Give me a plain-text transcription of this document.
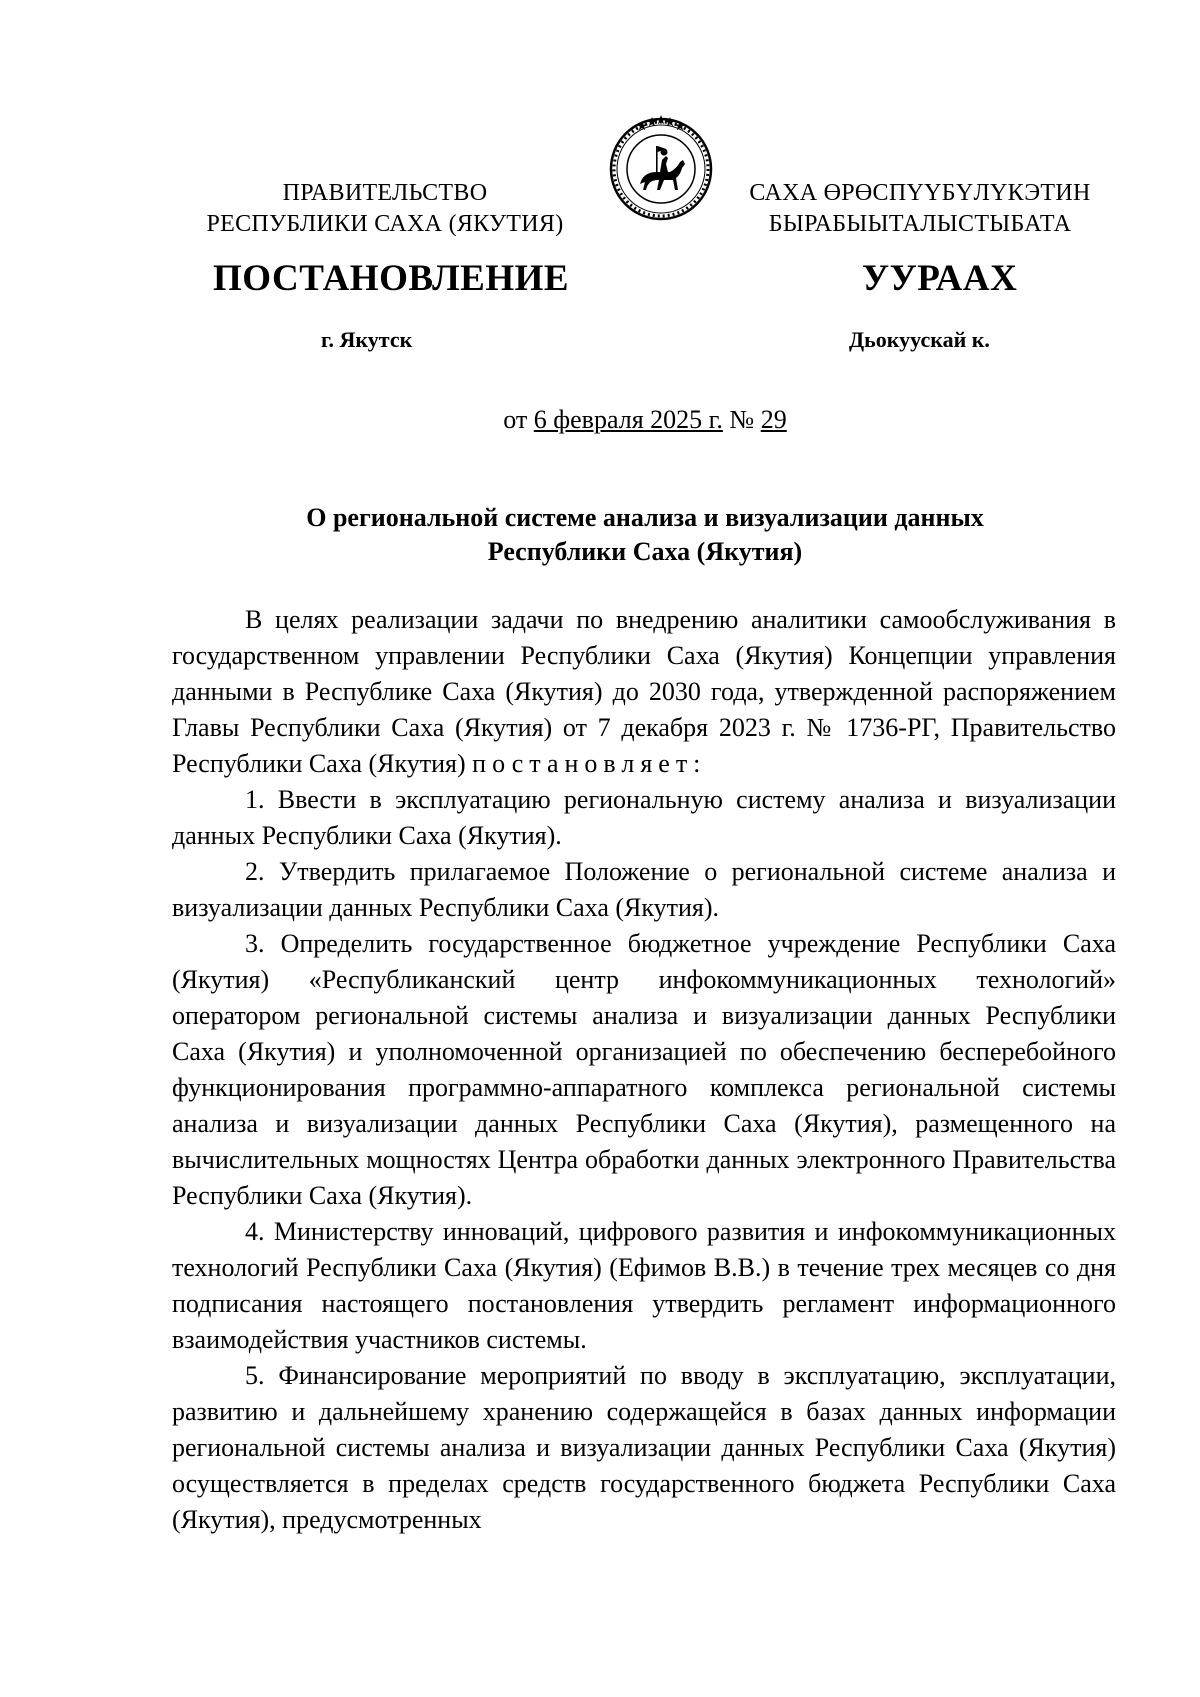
ПРАВИТЕЛЬСТВО
РЕСПУБЛИКИ САХА (ЯКУТИЯ)
САХА ӨРӨСПҮҮБҮЛҮКЭТИН
БЫРАБЫЫТАЛЫСТЫБАТА
ПОСТАНОВЛЕНИЕ	УУРААХ
г. Якутск	Дьокуускай к.
от 6 февраля 2025 г. № 29
О региональной системе анализа и визуализации данных
Республики Саха (Якутия)

В целях реализации задачи по внедрению аналитики самообслуживания в государственном управлении Республики Саха (Якутия) Концепции управления данными в Республике Саха (Якутия) до 2030 года, утвержденной распоряжением Главы Республики Саха (Якутия) от 7 декабря 2023 г. № 1736-РГ, Правительство Республики Саха (Якутия) постановляет:

1. Ввести в эксплуатацию региональную систему анализа и визуализации данных Республики Саха (Якутия).

2. Утвердить прилагаемое Положение о региональной системе анализа и визуализации данных Республики Саха (Якутия).

3. Определить государственное бюджетное учреждение Республики Саха (Якутия) «Республиканский центр инфокоммуникационных технологий» оператором региональной системы анализа и визуализации данных Республики Саха (Якутия) и уполномоченной организацией по обеспечению бесперебойного функционирования программно-аппаратного комплекса региональной системы анализа и визуализации данных Республики Саха (Якутия), размещенного на вычислительных мощностях Центра обработки данных электронного Правительства Республики Саха (Якутия).

4. Министерству инноваций, цифрового развития и инфокоммуникационных технологий Республики Саха (Якутия) (Ефимов В.В.) в течение трех месяцев со дня подписания настоящего постановления утвердить регламент информационного взаимодействия участников системы.

5. Финансирование мероприятий по вводу в эксплуатацию, эксплуатации, развитию и дальнейшему хранению содержащейся в базах данных информации региональной системы анализа и визуализации данных Республики Саха (Якутия) осуществляется в пределах средств государственного бюджета Республики Саха (Якутия), предусмотренных
